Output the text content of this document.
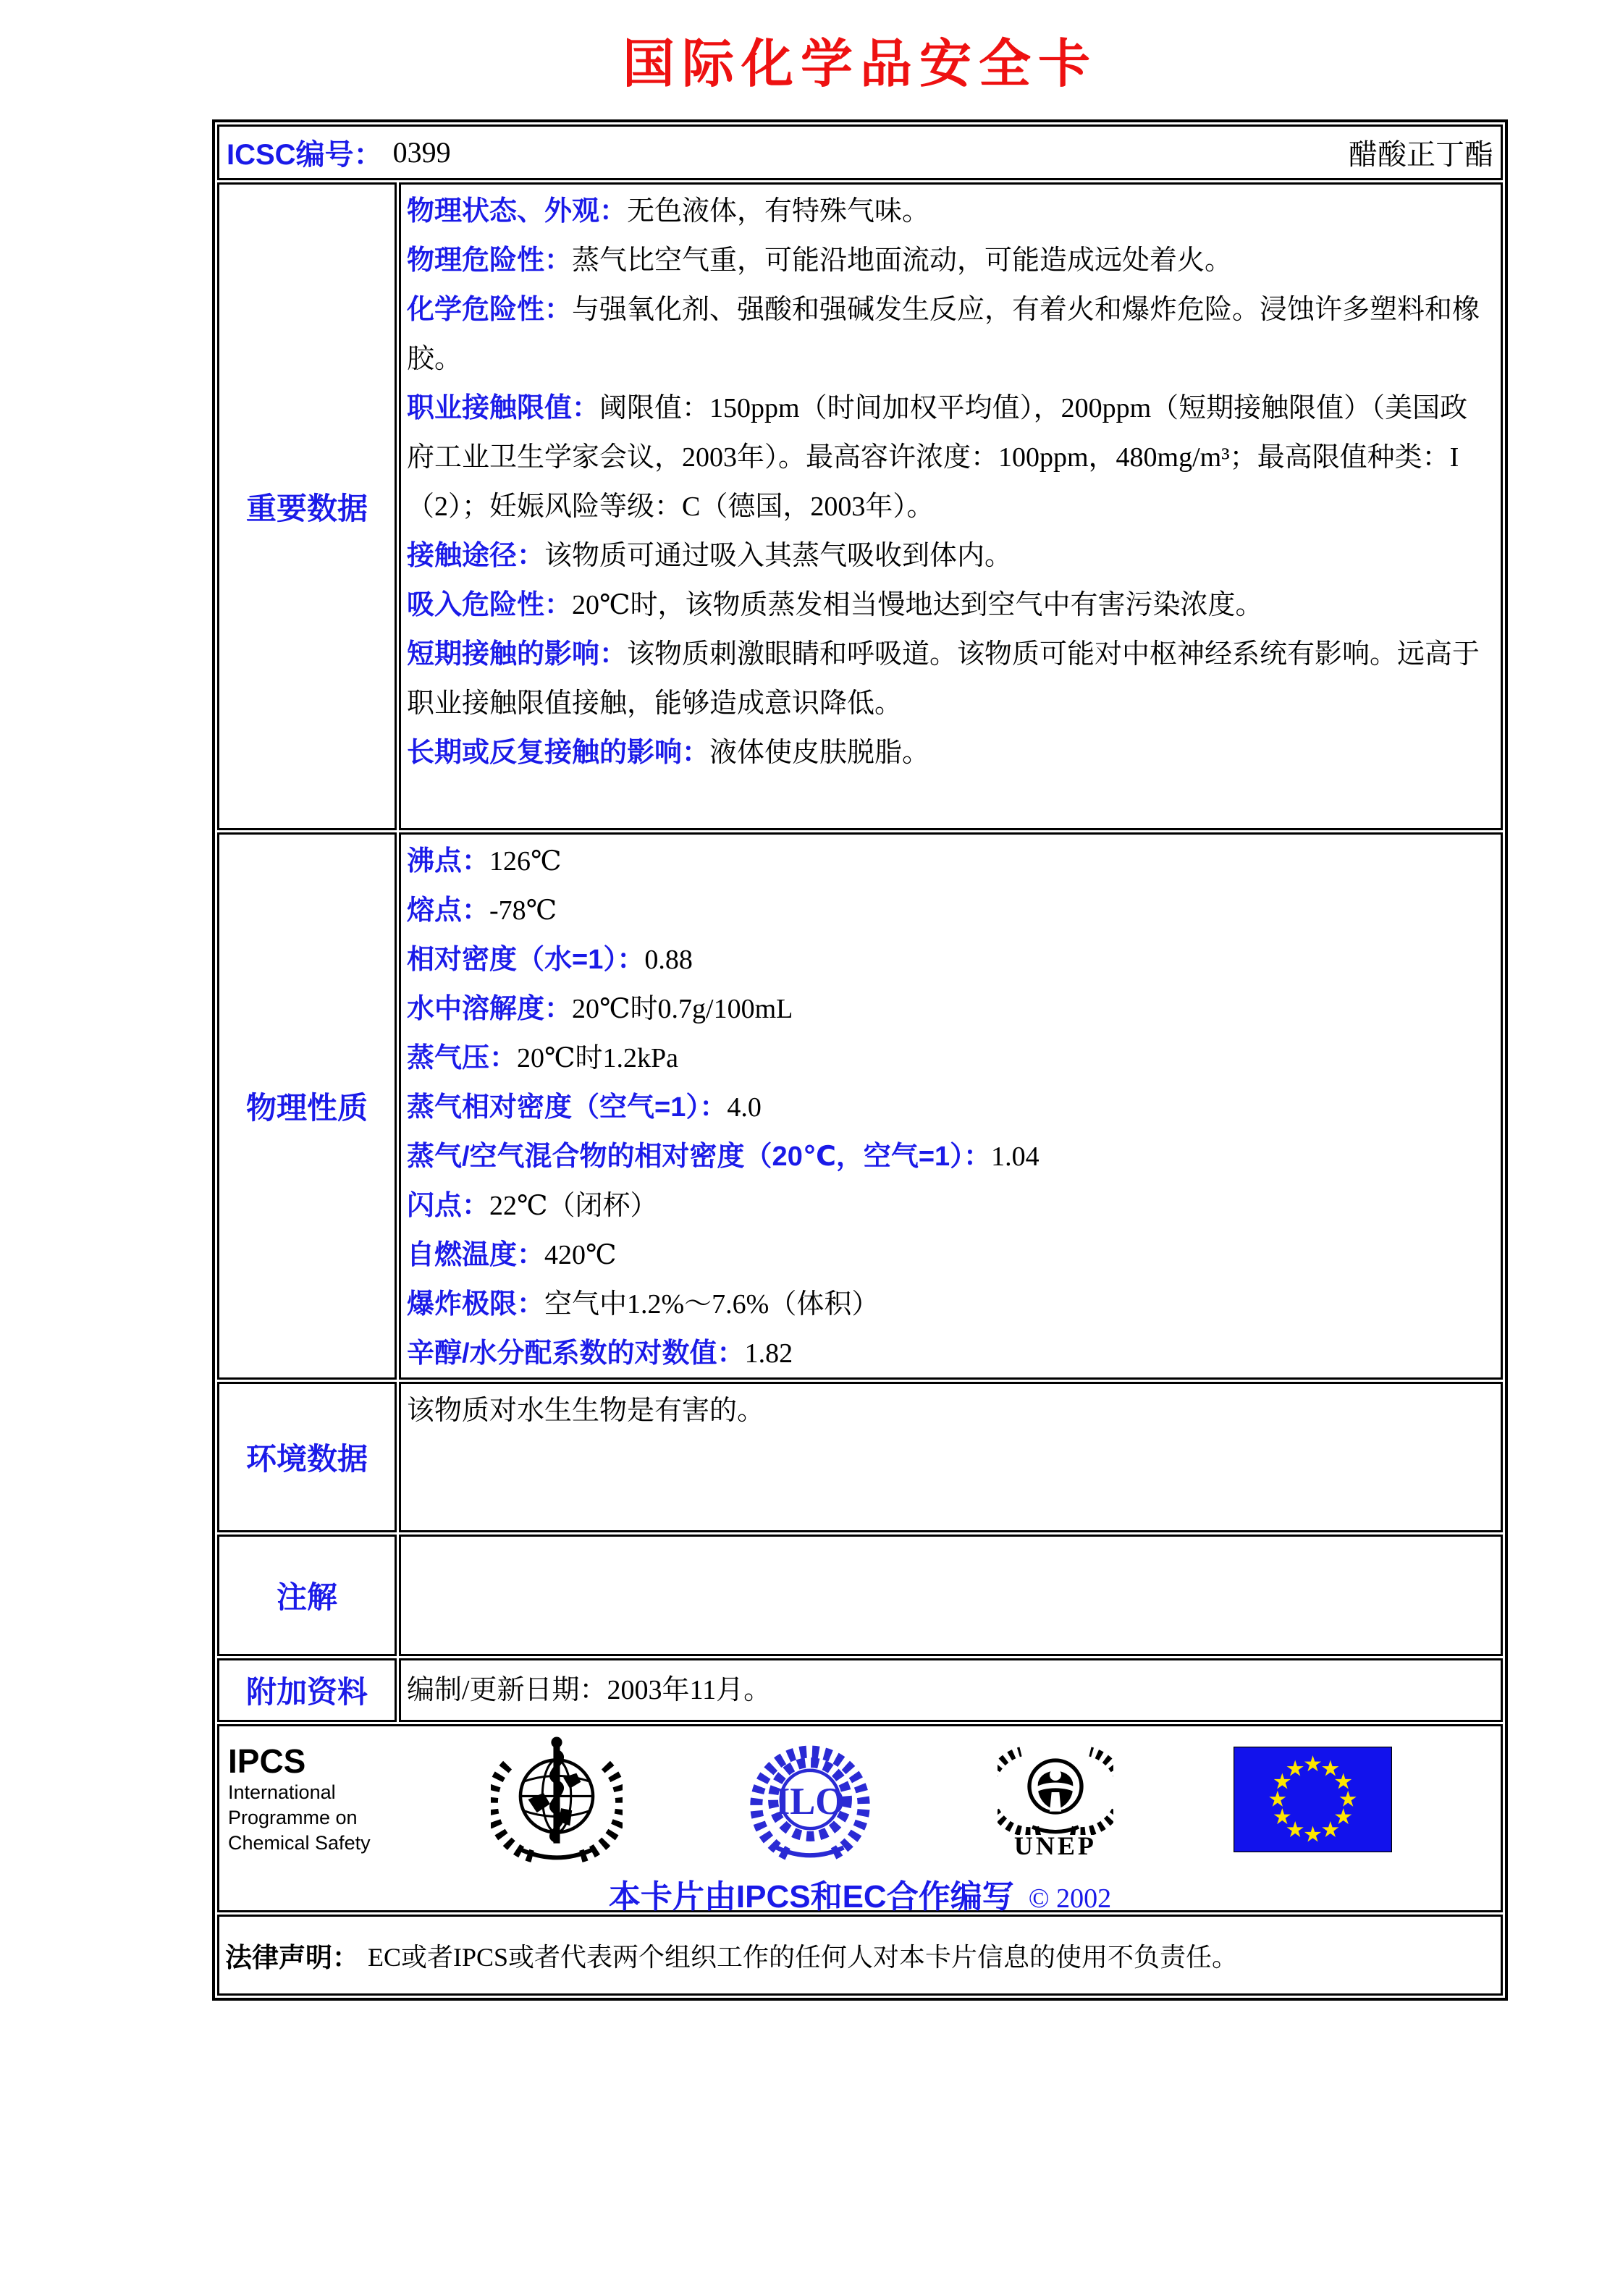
国际化学品安全卡
ICSC编号： 0399	醋酸正丁酯
重要数据

物理状态、外观：无色液体，有特殊气味。

物理危险性：蒸气比空气重，可能沿地面流动，可能造成远处着火。

化学危险性：与强氧化剂、强酸和强碱发生反应，有着火和爆炸危险。浸蚀许多塑料和橡胶。

职业接触限值：阈限值：150ppm（时间加权平均值），200ppm（短期接触限值）（美国政府工业卫生学家会议，2003年）。最高容许浓度：100ppm，480mg/m³；最高限值种类：I（2）；妊娠风险等级：C（德国，2003年）。

接触途径：该物质可通过吸入其蒸气吸收到体内。

吸入危险性：20℃时，该物质蒸发相当慢地达到空气中有害污染浓度。

短期接触的影响：该物质刺激眼睛和呼吸道。该物质可能对中枢神经系统有影响。远高于职业接触限值接触，能够造成意识降低。

长期或反复接触的影响：液体使皮肤脱脂。

物理性质

沸点：126℃

熔点：-78℃

相对密度（水=1）：0.88

水中溶解度：20℃时0.7g/100mL

蒸气压：20℃时1.2kPa

蒸气相对密度（空气=1）：4.0

蒸气/空气混合物的相对密度（20℃，空气=1）：1.04

闪点：22℃（闭杯）

自燃温度：420℃

爆炸极限：空气中1.2%～7.6%（体积）

辛醇/水分配系数的对数值：1.82

环境数据

该物质对水生生物是有害的。

注解

附加资料	编制/更新日期：2003年11月。

IPCS
International
Programme on
Chemical Safety
ILO
UNEP
本卡片由IPCS和EC合作编写 © 2002
法律声明： EC或者IPCS或者代表两个组织工作的任何人对本卡片信息的使用不负责任。
